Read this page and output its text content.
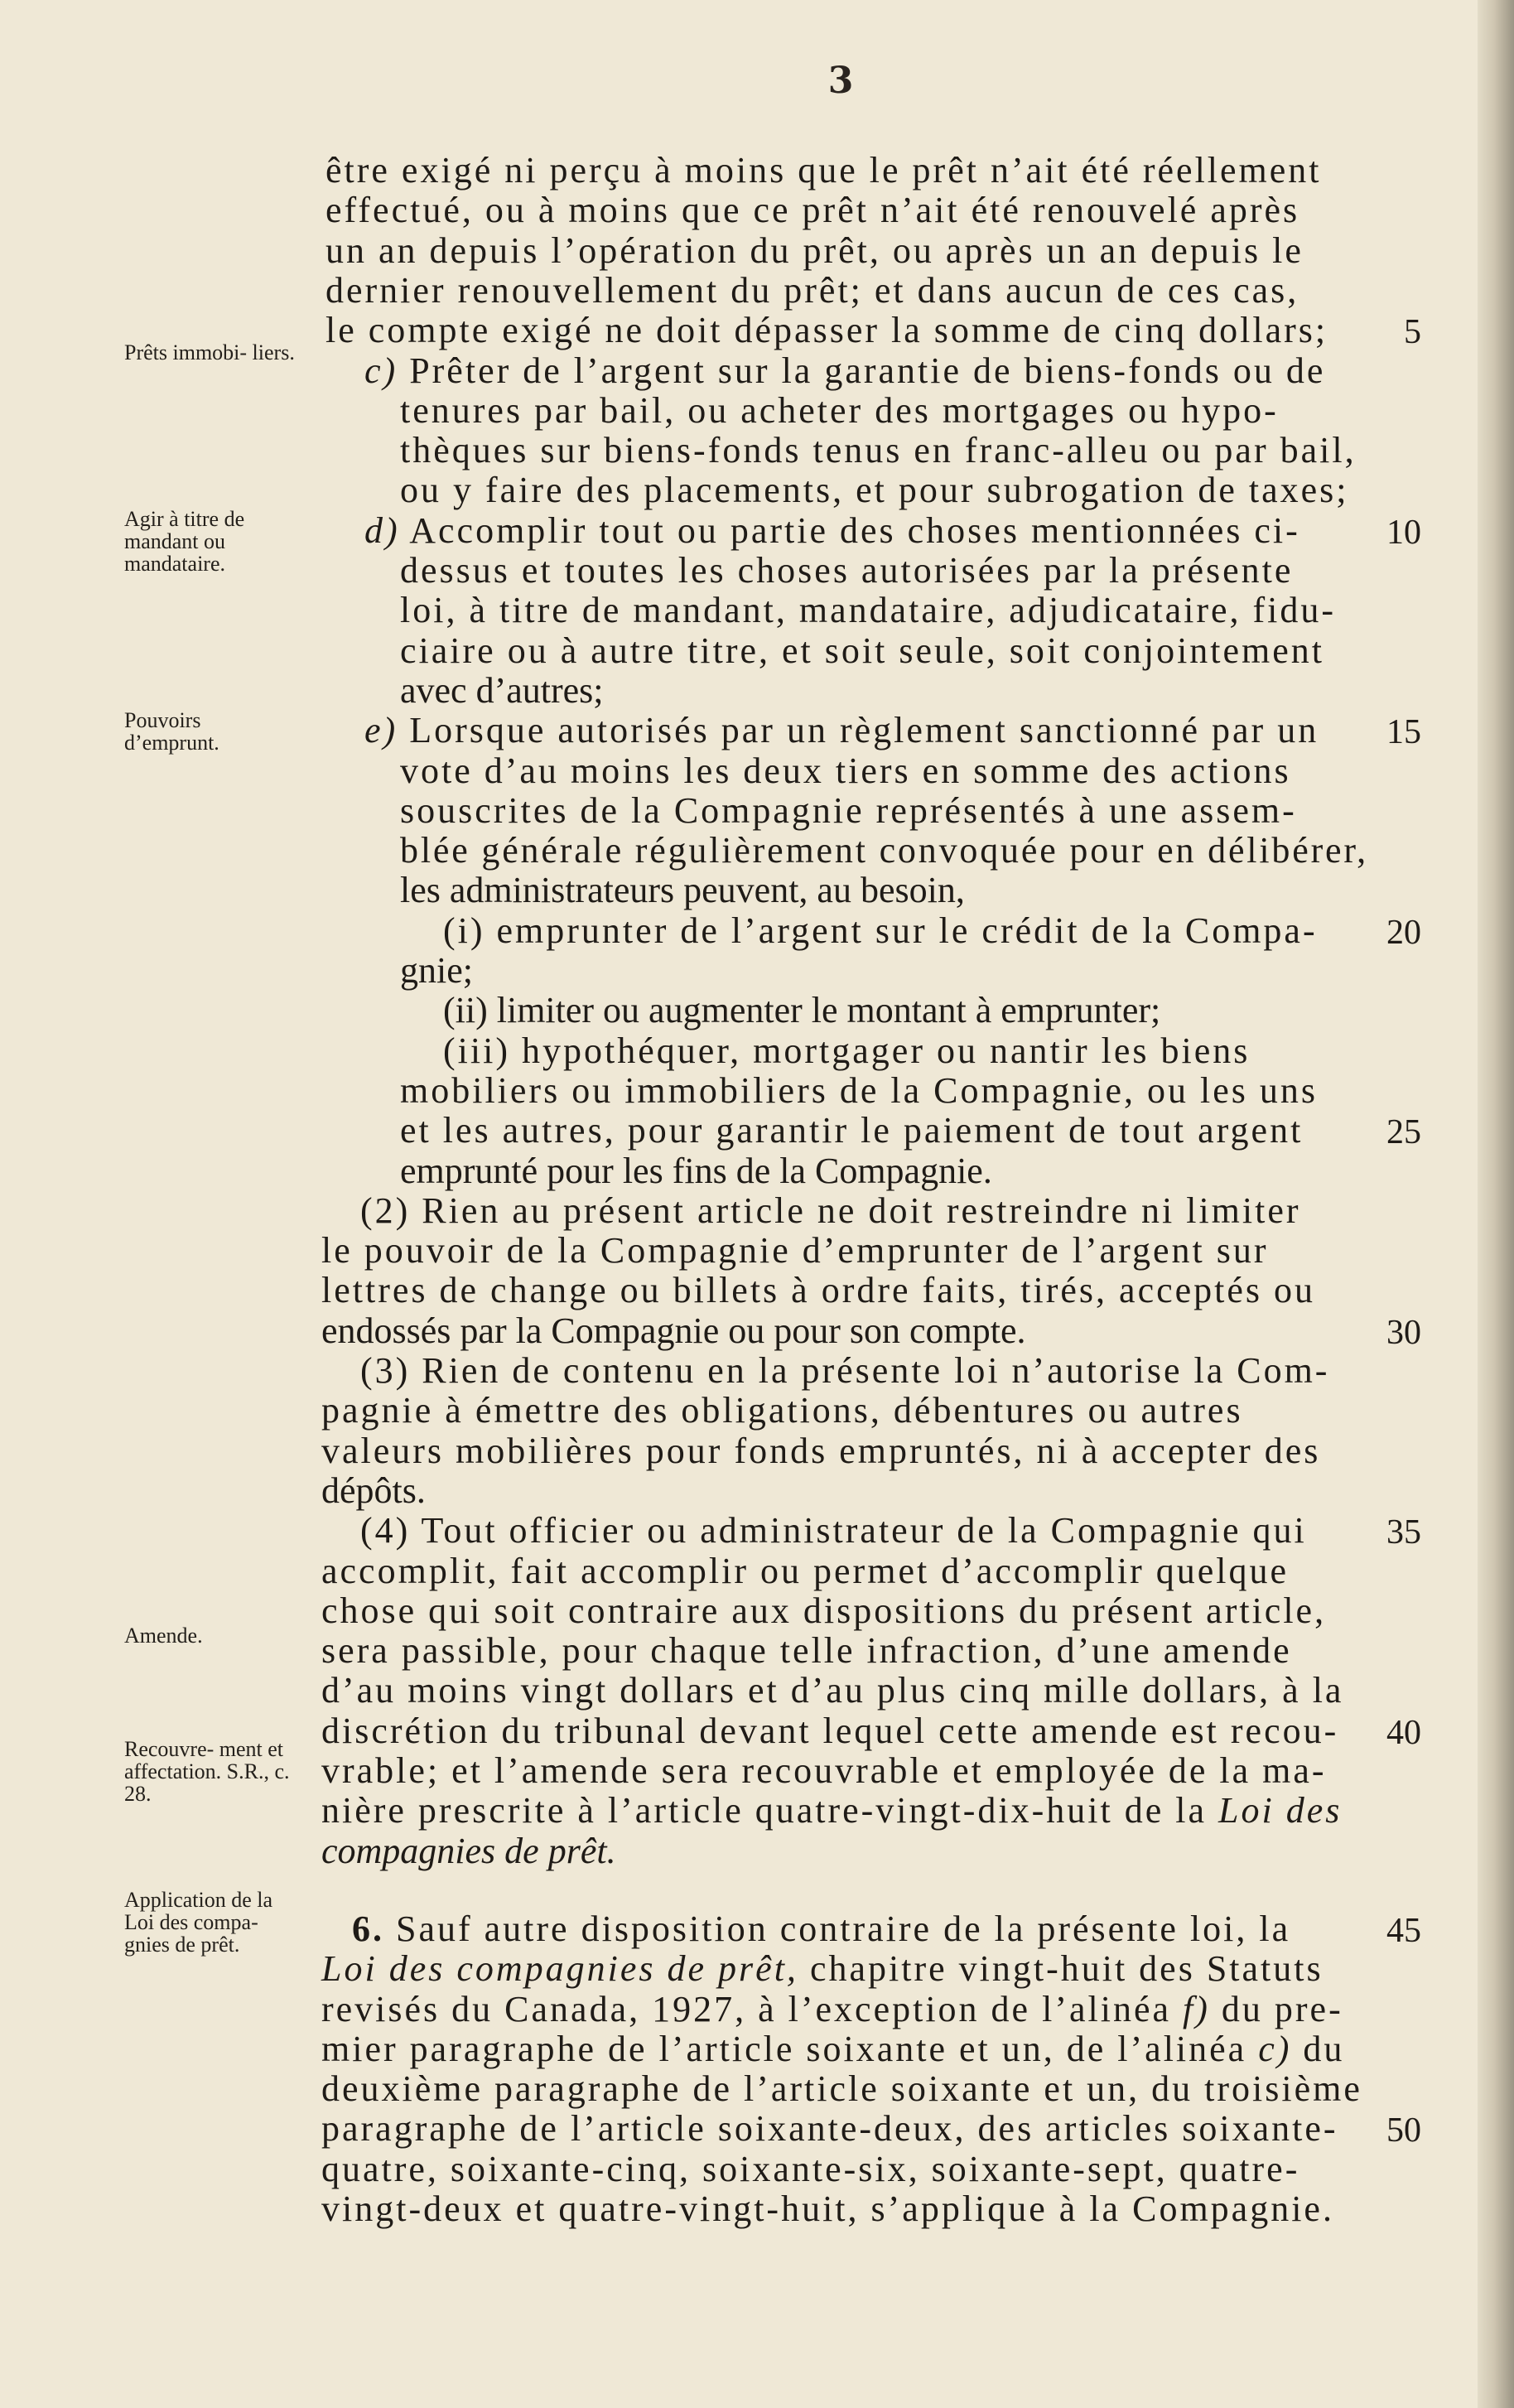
3
Prêts immobi- liers.
Agir à titre de mandant ou mandataire.
Pouvoirs d’emprunt.
Amende.
Recouvre- ment et affectation. S.R., c. 28.
Application de la Loi des compa- gnies de prêt.
être exigé ni perçu à moins que le prêt n’ait été réellement
effectué, ou à moins que ce prêt n’ait été renouvelé après
un an depuis l’opération du prêt, ou après un an depuis le
dernier renouvellement du prêt; et dans aucun de ces cas,
le compte exigé ne doit dépasser la somme de cinq dollars;
c) Prêter de l’argent sur la garantie de biens-fonds ou de
tenures par bail, ou acheter des mortgages ou hypo-
thèques sur biens-fonds tenus en franc-alleu ou par bail,
ou y faire des placements, et pour subrogation de taxes;
d) Accomplir tout ou partie des choses mentionnées ci-
dessus et toutes les choses autorisées par la présente
loi, à titre de mandant, mandataire, adjudicataire, fidu-
ciaire ou à autre titre, et soit seule, soit conjointement
avec d’autres;
e) Lorsque autorisés par un règlement sanctionné par un
vote d’au moins les deux tiers en somme des actions
souscrites de la Compagnie représentés à une assem-
blée générale régulièrement convoquée pour en délibérer,
les administrateurs peuvent, au besoin,
(i) emprunter de l’argent sur le crédit de la Compa-
gnie;
(ii) limiter ou augmenter le montant à emprunter;
(iii) hypothéquer, mortgager ou nantir les biens
mobiliers ou immobiliers de la Compagnie, ou les uns
et les autres, pour garantir le paiement de tout argent
emprunté pour les fins de la Compagnie.
(2) Rien au présent article ne doit restreindre ni limiter
le pouvoir de la Compagnie d’emprunter de l’argent sur
lettres de change ou billets à ordre faits, tirés, acceptés ou
endossés par la Compagnie ou pour son compte.
(3) Rien de contenu en la présente loi n’autorise la Com-
pagnie à émettre des obligations, débentures ou autres
valeurs mobilières pour fonds empruntés, ni à accepter des
dépôts.
(4) Tout officier ou administrateur de la Compagnie qui
accomplit, fait accomplir ou permet d’accomplir quelque
chose qui soit contraire aux dispositions du présent article,
sera passible, pour chaque telle infraction, d’une amende
d’au moins vingt dollars et d’au plus cinq mille dollars, à la
discrétion du tribunal devant lequel cette amende est recou-
vrable; et l’amende sera recouvrable et employée de la ma-
nière prescrite à l’article quatre-vingt-dix-huit de la Loi des
compagnies de prêt.
6. Sauf autre disposition contraire de la présente loi, la
Loi des compagnies de prêt, chapitre vingt-huit des Statuts
revisés du Canada, 1927, à l’exception de l’alinéa f) du pre-
mier paragraphe de l’article soixante et un, de l’alinéa c) du
deuxième paragraphe de l’article soixante et un, du troisième
paragraphe de l’article soixante-deux, des articles soixante-
quatre, soixante-cinq, soixante-six, soixante-sept, quatre-
vingt-deux et quatre-vingt-huit, s’applique à la Compagnie.
5
10
15
20
25
30
35
40
45
50
